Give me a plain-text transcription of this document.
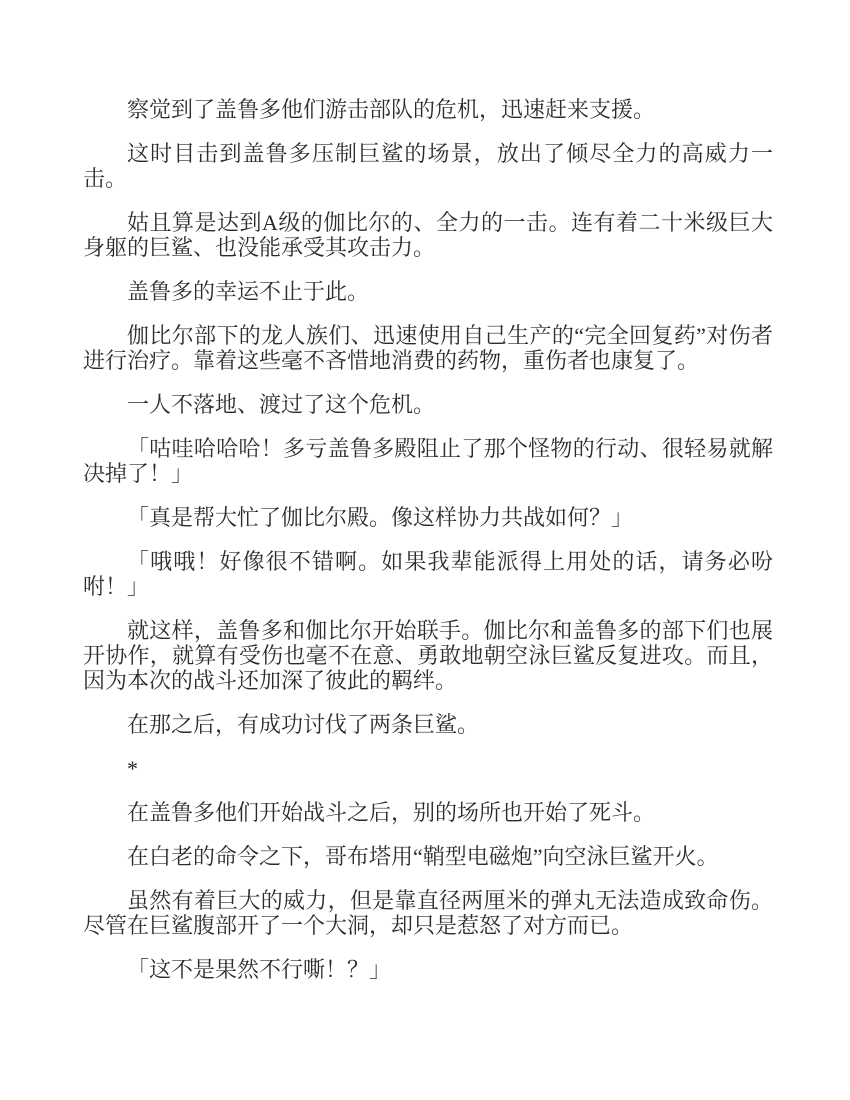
察觉到了盖鲁多他们游击部队的危机，迅速赶来支援。

这时目击到盖鲁多压制巨鲨的场景，放出了倾尽全力的高威力一击。

姑且算是达到A级的伽比尔的、全力的一击。连有着二十米级巨大身躯的巨鲨、也没能承受其攻击力。

盖鲁多的幸运不止于此。

伽比尔部下的龙人族们、迅速使用自己生产的“完全回复药”对伤者进行治疗。靠着这些毫不吝惜地消费的药物，重伤者也康复了。

一人不落地、渡过了这个危机。

「咕哇哈哈哈！多亏盖鲁多殿阻止了那个怪物的行动、很轻易就解决掉了！」

「真是帮大忙了伽比尔殿。像这样协力共战如何？」

「哦哦！好像很不错啊。如果我辈能派得上用处的话，请务必吩咐！」

就这样，盖鲁多和伽比尔开始联手。伽比尔和盖鲁多的部下们也展开协作，就算有受伤也毫不在意、勇敢地朝空泳巨鲨反复进攻。而且，因为本次的战斗还加深了彼此的羁绊。

在那之后，有成功讨伐了两条巨鲨。

*

在盖鲁多他们开始战斗之后，别的场所也开始了死斗。

在白老的命令之下，哥布塔用“鞘型电磁炮”向空泳巨鲨开火。

虽然有着巨大的威力，但是靠直径两厘米的弹丸无法造成致命伤。尽管在巨鲨腹部开了一个大洞，却只是惹怒了对方而已。

「这不是果然不行嘶！？」
